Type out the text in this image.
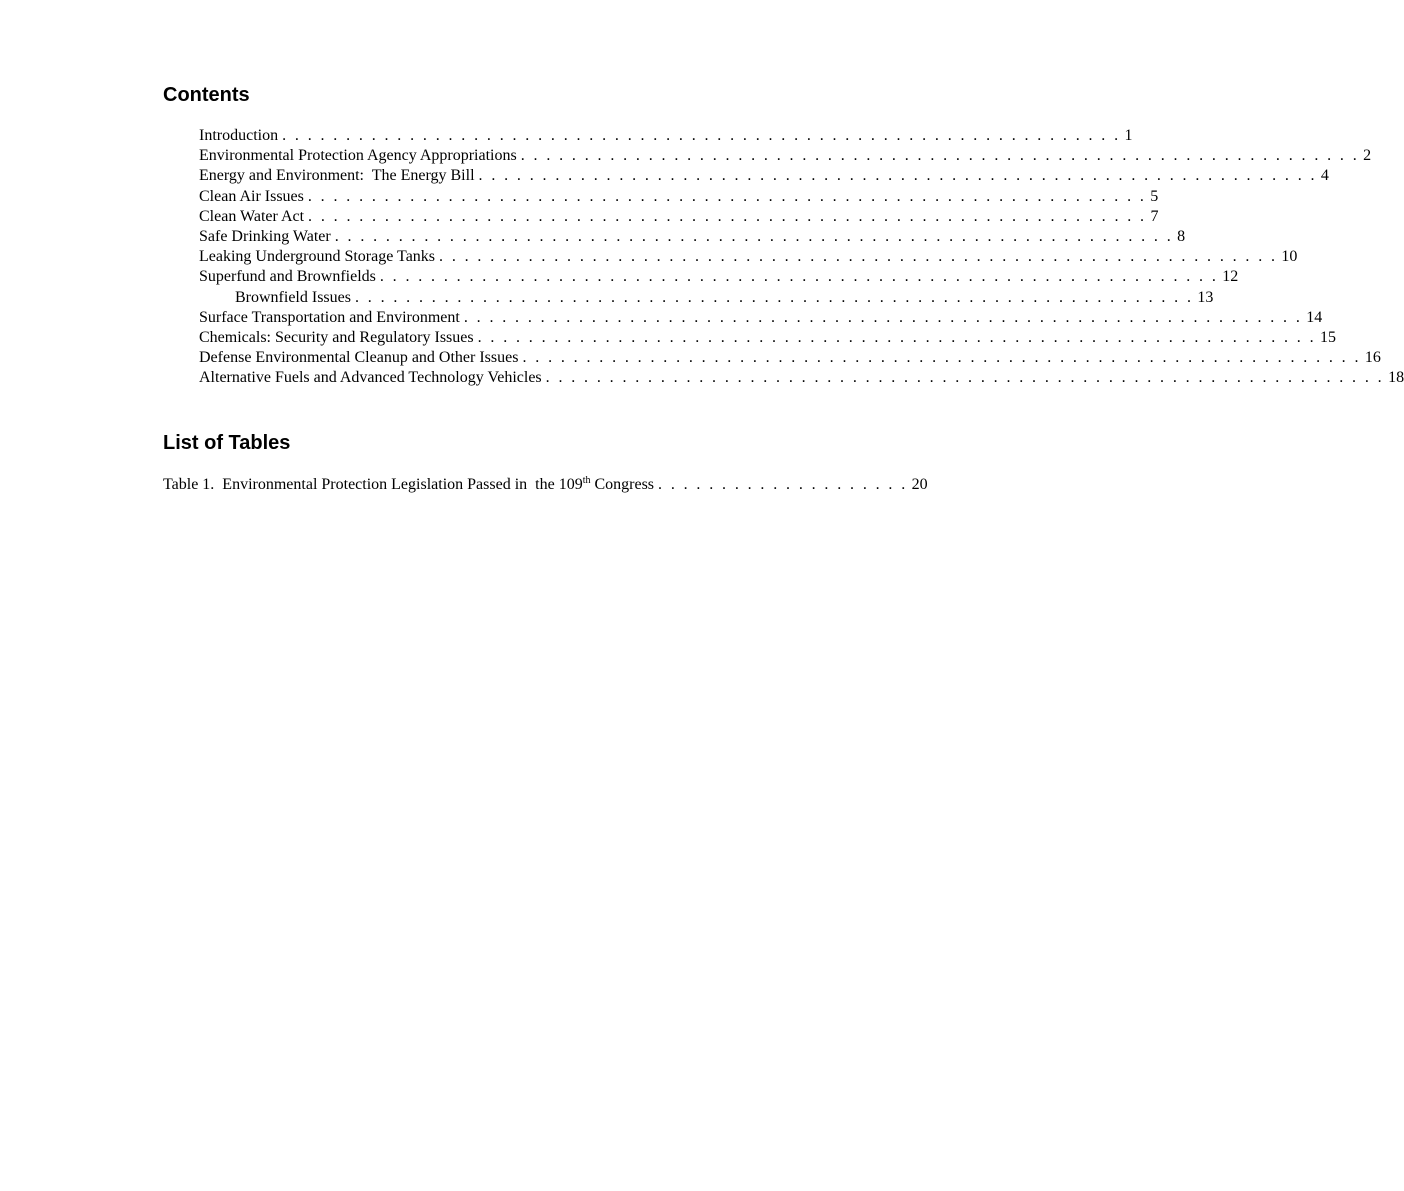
Contents
Introduction . . . . . . . . . . . . . . . . . . . . . . . . . . . . . . . . . . . . . . . . . . . . . . . . . . . . . . . . . . . . . . . . . . 1
Environmental Protection Agency Appropriations . . . . . . . . . . . . . . . . . . . . . . . . . . . . . . . . . . . . . . . . . . . . . . . . . . . . . . . . . . . . . . . . . . 2
Energy and Environment:  The Energy Bill . . . . . . . . . . . . . . . . . . . . . . . . . . . . . . . . . . . . . . . . . . . . . . . . . . . . . . . . . . . . . . . . . . 4
Clean Air Issues . . . . . . . . . . . . . . . . . . . . . . . . . . . . . . . . . . . . . . . . . . . . . . . . . . . . . . . . . . . . . . . . . . 5
Clean Water Act . . . . . . . . . . . . . . . . . . . . . . . . . . . . . . . . . . . . . . . . . . . . . . . . . . . . . . . . . . . . . . . . . . 7
Safe Drinking Water . . . . . . . . . . . . . . . . . . . . . . . . . . . . . . . . . . . . . . . . . . . . . . . . . . . . . . . . . . . . . . . . . . 8
Leaking Underground Storage Tanks . . . . . . . . . . . . . . . . . . . . . . . . . . . . . . . . . . . . . . . . . . . . . . . . . . . . . . . . . . . . . . . . . . 10
Superfund and Brownfields . . . . . . . . . . . . . . . . . . . . . . . . . . . . . . . . . . . . . . . . . . . . . . . . . . . . . . . . . . . . . . . . . . 12
Brownfield Issues . . . . . . . . . . . . . . . . . . . . . . . . . . . . . . . . . . . . . . . . . . . . . . . . . . . . . . . . . . . . . . . . . . 13
Surface Transportation and Environment . . . . . . . . . . . . . . . . . . . . . . . . . . . . . . . . . . . . . . . . . . . . . . . . . . . . . . . . . . . . . . . . . . 14
Chemicals: Security and Regulatory Issues . . . . . . . . . . . . . . . . . . . . . . . . . . . . . . . . . . . . . . . . . . . . . . . . . . . . . . . . . . . . . . . . . . 15
Defense Environmental Cleanup and Other Issues . . . . . . . . . . . . . . . . . . . . . . . . . . . . . . . . . . . . . . . . . . . . . . . . . . . . . . . . . . . . . . . . . . 16
Alternative Fuels and Advanced Technology Vehicles . . . . . . . . . . . . . . . . . . . . . . . . . . . . . . . . . . . . . . . . . . . . . . . . . . . . . . . . . . . . . . . . . . 18
List of Tables
Table 1.  Environmental Protection Legislation Passed in  the 109th Congress . . . . . . . . . . . . . . . . . . . . 20
